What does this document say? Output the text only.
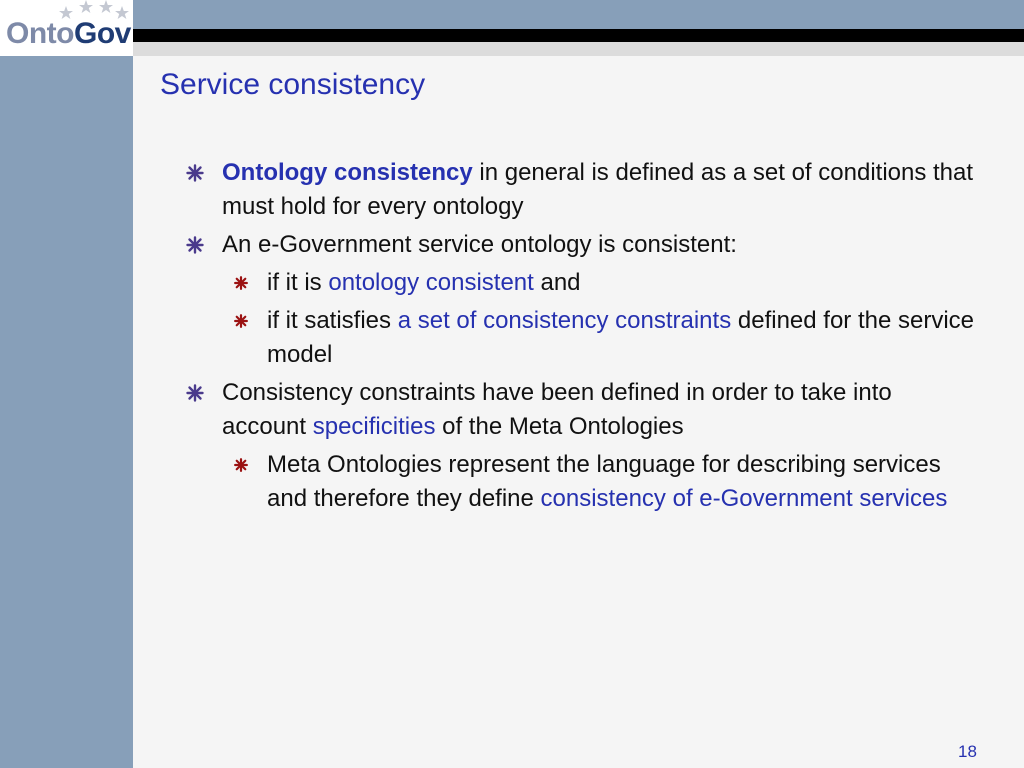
OntoGov
Service consistency
Ontology consistency in general is defined as a set of conditions that must hold for every ontology
An e-Government service ontology is consistent:
if it is ontology consistent and
if it satisfies a set of consistency constraints defined for the service model
Consistency constraints have been defined in order to take into account specificities of the Meta Ontologies
Meta Ontologies represent the language for describing services and therefore they define consistency of e-Government services
18
